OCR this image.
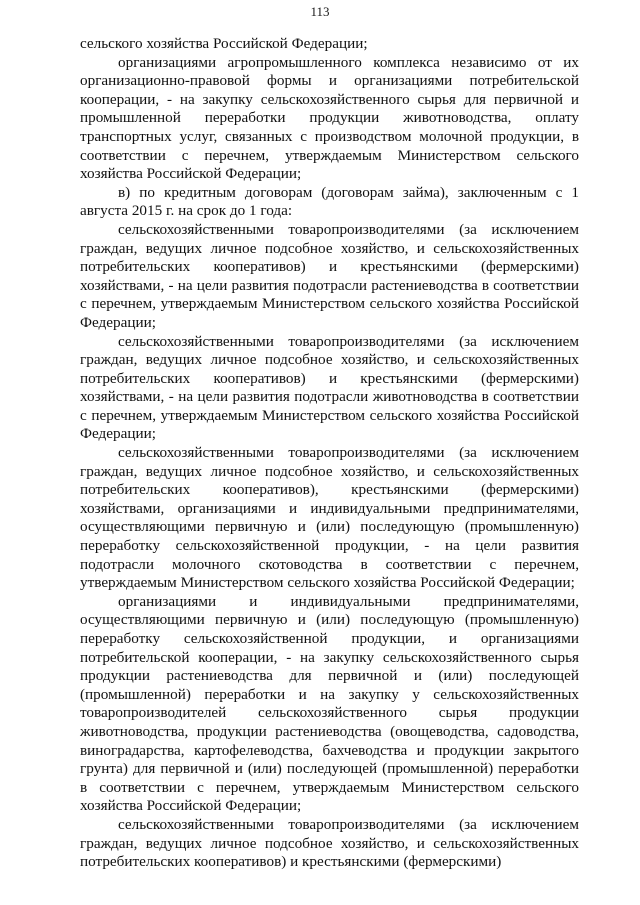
113

сельского хозяйства Российской Федерации;

организациями агропромышленного комплекса независимо от их организационно-правовой формы и организациями потребительской кооперации, - на закупку сельскохозяйственного сырья для первичной и промышленной переработки продукции животноводства, оплату транспортных услуг, связанных с производством молочной продукции, в соответствии с перечнем, утверждаемым Министерством сельского хозяйства Российской Федерации;

в) по кредитным договорам (договорам займа), заключенным с 1 августа 2015 г. на срок до 1 года:

сельскохозяйственными товаропроизводителями (за исключением граждан, ведущих личное подсобное хозяйство, и сельскохозяйственных потребительских кооперативов) и крестьянскими (фермерскими) хозяйствами, - на цели развития подотрасли растениеводства в соответствии с перечнем, утверждаемым Министерством сельского хозяйства Российской Федерации;

сельскохозяйственными товаропроизводителями (за исключением граждан, ведущих личное подсобное хозяйство, и сельскохозяйственных потребительских кооперативов) и крестьянскими (фермерскими) хозяйствами, - на цели развития подотрасли животноводства в соответствии с перечнем, утверждаемым Министерством сельского хозяйства Российской Федерации;

сельскохозяйственными товаропроизводителями (за исключением граждан, ведущих личное подсобное хозяйство, и сельскохозяйственных потребительских кооперативов), крестьянскими (фермерскими) хозяйствами, организациями и индивидуальными предпринимателями, осуществляющими первичную и (или) последующую (промышленную) переработку сельскохозяйственной продукции, - на цели развития подотрасли молочного скотоводства в соответствии с перечнем, утверждаемым Министерством сельского хозяйства Российской Федерации;

организациями и индивидуальными предпринимателями, осуществляющими первичную и (или) последующую (промышленную) переработку сельскохозяйственной продукции, и организациями потребительской кооперации, - на закупку сельскохозяйственного сырья продукции растениеводства для первичной и (или) последующей (промышленной) переработки и на закупку у сельскохозяйственных товаропроизводителей сельскохозяйственного сырья продукции животноводства, продукции растениеводства (овощеводства, садоводства, виноградарства, картофелеводства, бахчеводства и продукции закрытого грунта) для первичной и (или) последующей (промышленной) переработки в соответствии с перечнем, утверждаемым Министерством сельского хозяйства Российской Федерации;

сельскохозяйственными товаропроизводителями (за исключением граждан, ведущих личное подсобное хозяйство, и сельскохозяйственных потребительских кооперативов) и крестьянскими (фермерскими)
